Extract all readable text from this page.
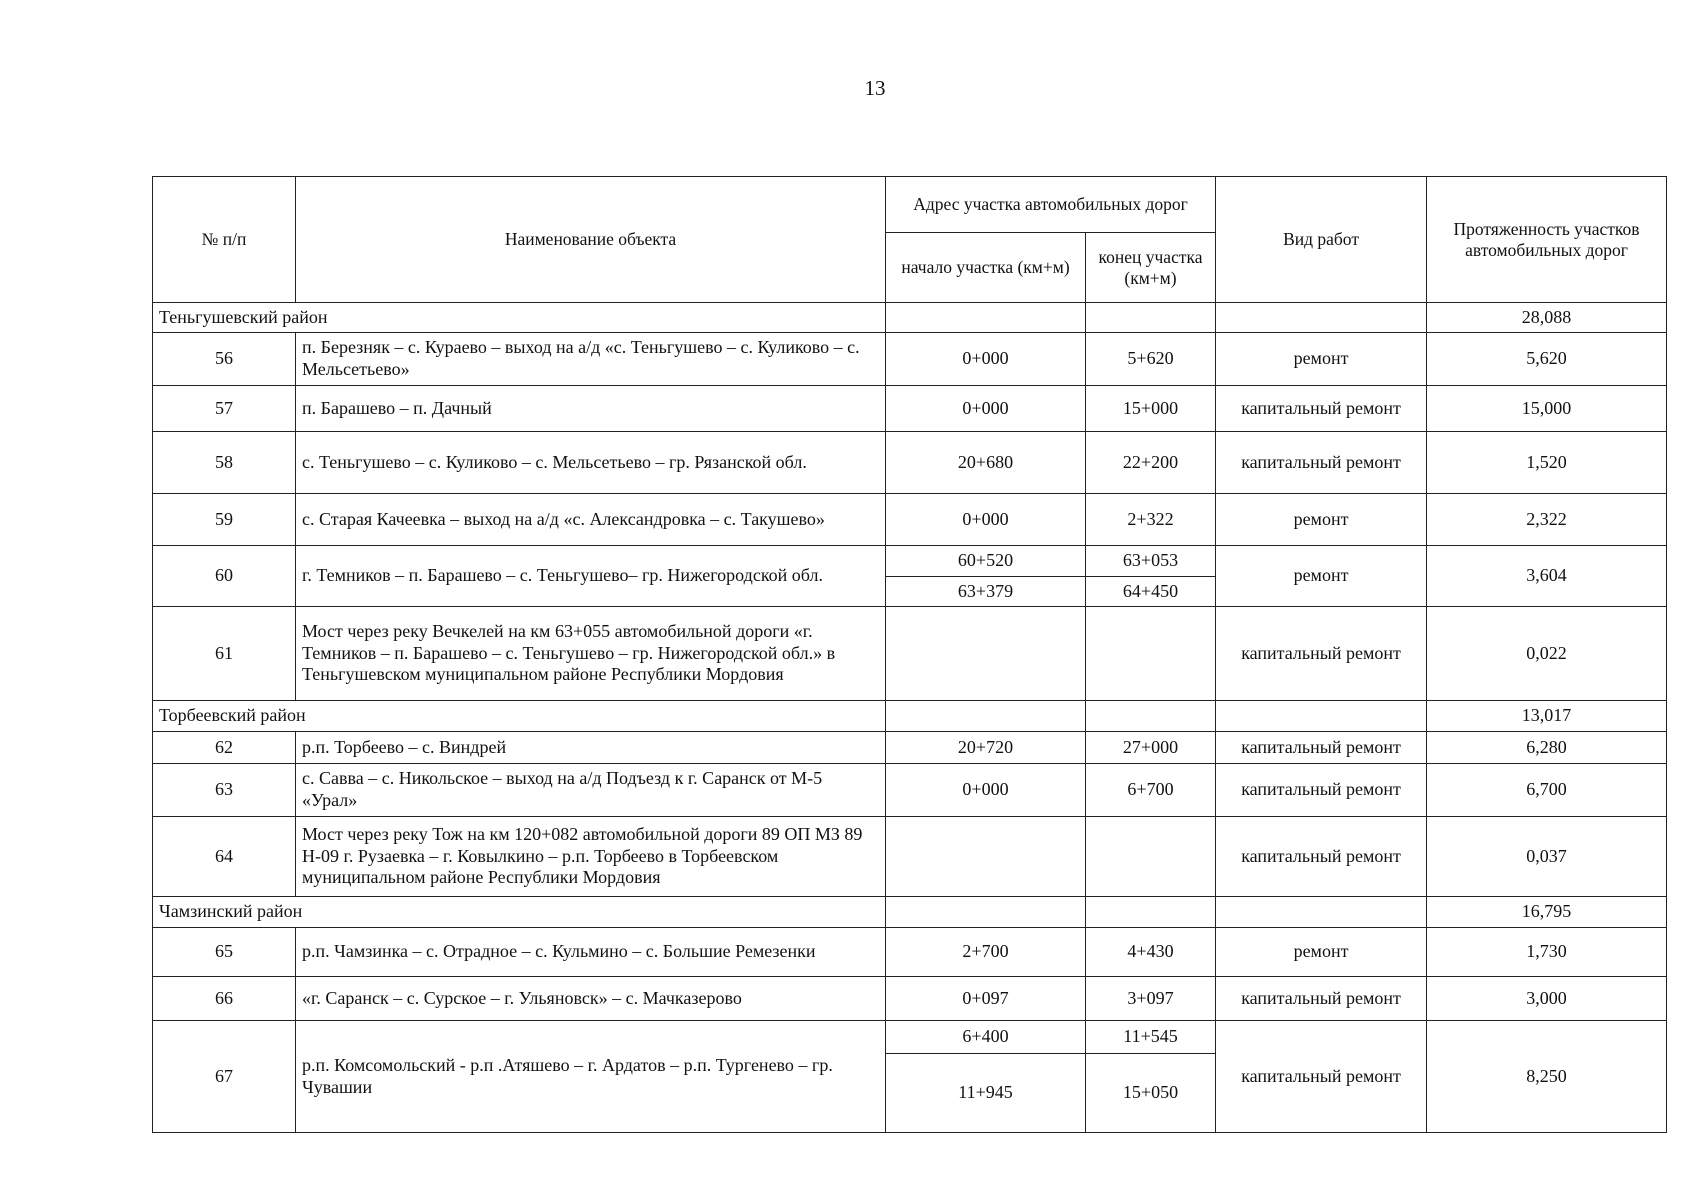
13
№ п/п	Наименование объекта	Адрес участка автомобильных дорог		Вид работ	Протяженность участков автомобильных дорог
		начало участка (км+м)	конец участка (км+м)		
Теньгушевский район					28,088
56	п. Березняк – с. Кураево – выход на а/д «с. Теньгушево – с. Куликово – с. Мельсетьево»	0+000	5+620	ремонт	5,620
57	п. Барашево – п. Дачный	0+000	15+000	капитальный ремонт	15,000
58	с. Теньгушево – с. Куликово – с. Мельсетьево – гр. Рязанской обл.	20+680	22+200	капитальный ремонт	1,520
59	с. Старая Качеевка – выход на а/д «с. Александровка – с. Такушево»	0+000	2+322	ремонт	2,322
60	г. Темников – п. Барашево – с. Теньгушево– гр. Нижегородской обл.	60+520	63+053	ремонт	3,604
		63+379	64+450		
61	Мост через реку Вечкелей на км 63+055 автомобильной дороги «г. Темников – п. Барашево – с. Теньгушево – гр. Нижегородской обл.» в Теньгушевском муниципальном районе Республики Мордовия			капитальный ремонт	0,022
Торбеевский район					13,017
62	р.п. Торбеево – с. Виндрей	20+720	27+000	капитальный ремонт	6,280
63	с. Савва – с. Никольское – выход на а/д Подъезд к г. Саранск от М-5 «Урал»	0+000	6+700	капитальный ремонт	6,700
64	Мост через реку Тож на км 120+082 автомобильной дороги 89 ОП МЗ 89 Н-09 г. Рузаевка – г. Ковылкино – р.п. Торбеево в Торбеевском муниципальном районе Республики Мордовия			капитальный ремонт	0,037
Чамзинский район					16,795
65	р.п. Чамзинка – с. Отрадное – с. Кульмино – с. Большие Ремезенки	2+700	4+430	ремонт	1,730
66	«г. Саранск – с. Сурское – г. Ульяновск» – с. Мачказерово	0+097	3+097	капитальный ремонт	3,000
67	р.п. Комсомольский - р.п .Атяшево – г. Ардатов – р.п. Тургенево – гр. Чувашии	6+400	11+545	капитальный ремонт	8,250
		11+945	15+050		
